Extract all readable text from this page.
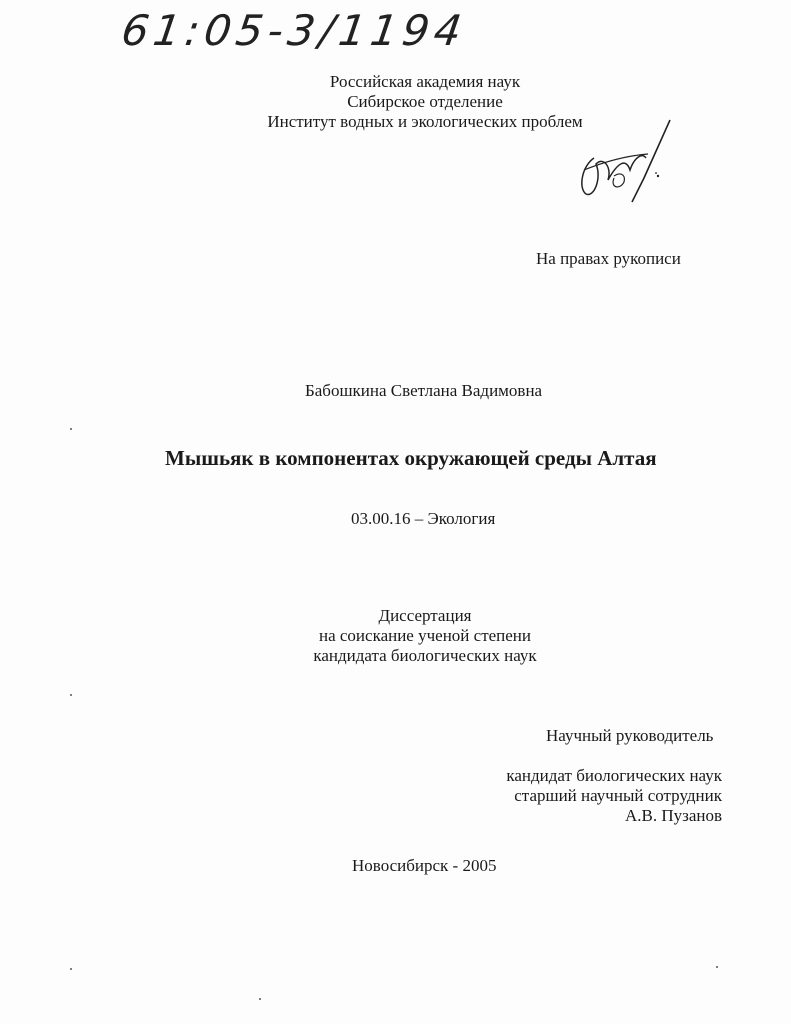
61:05-3/1194
Российская академия наук
Сибирское отделение
Институт водных и экологических проблем
На правах рукописи
Бабошкина Светлана Вадимовна
Мышьяк в компонентах окружающей среды Алтая
03.00.16 – Экология
Диссертация
на соискание ученой степени
кандидата биологических наук
Научный руководитель
кандидат биологических наук
старший научный сотрудник
А.В. Пузанов
Новосибирск - 2005
